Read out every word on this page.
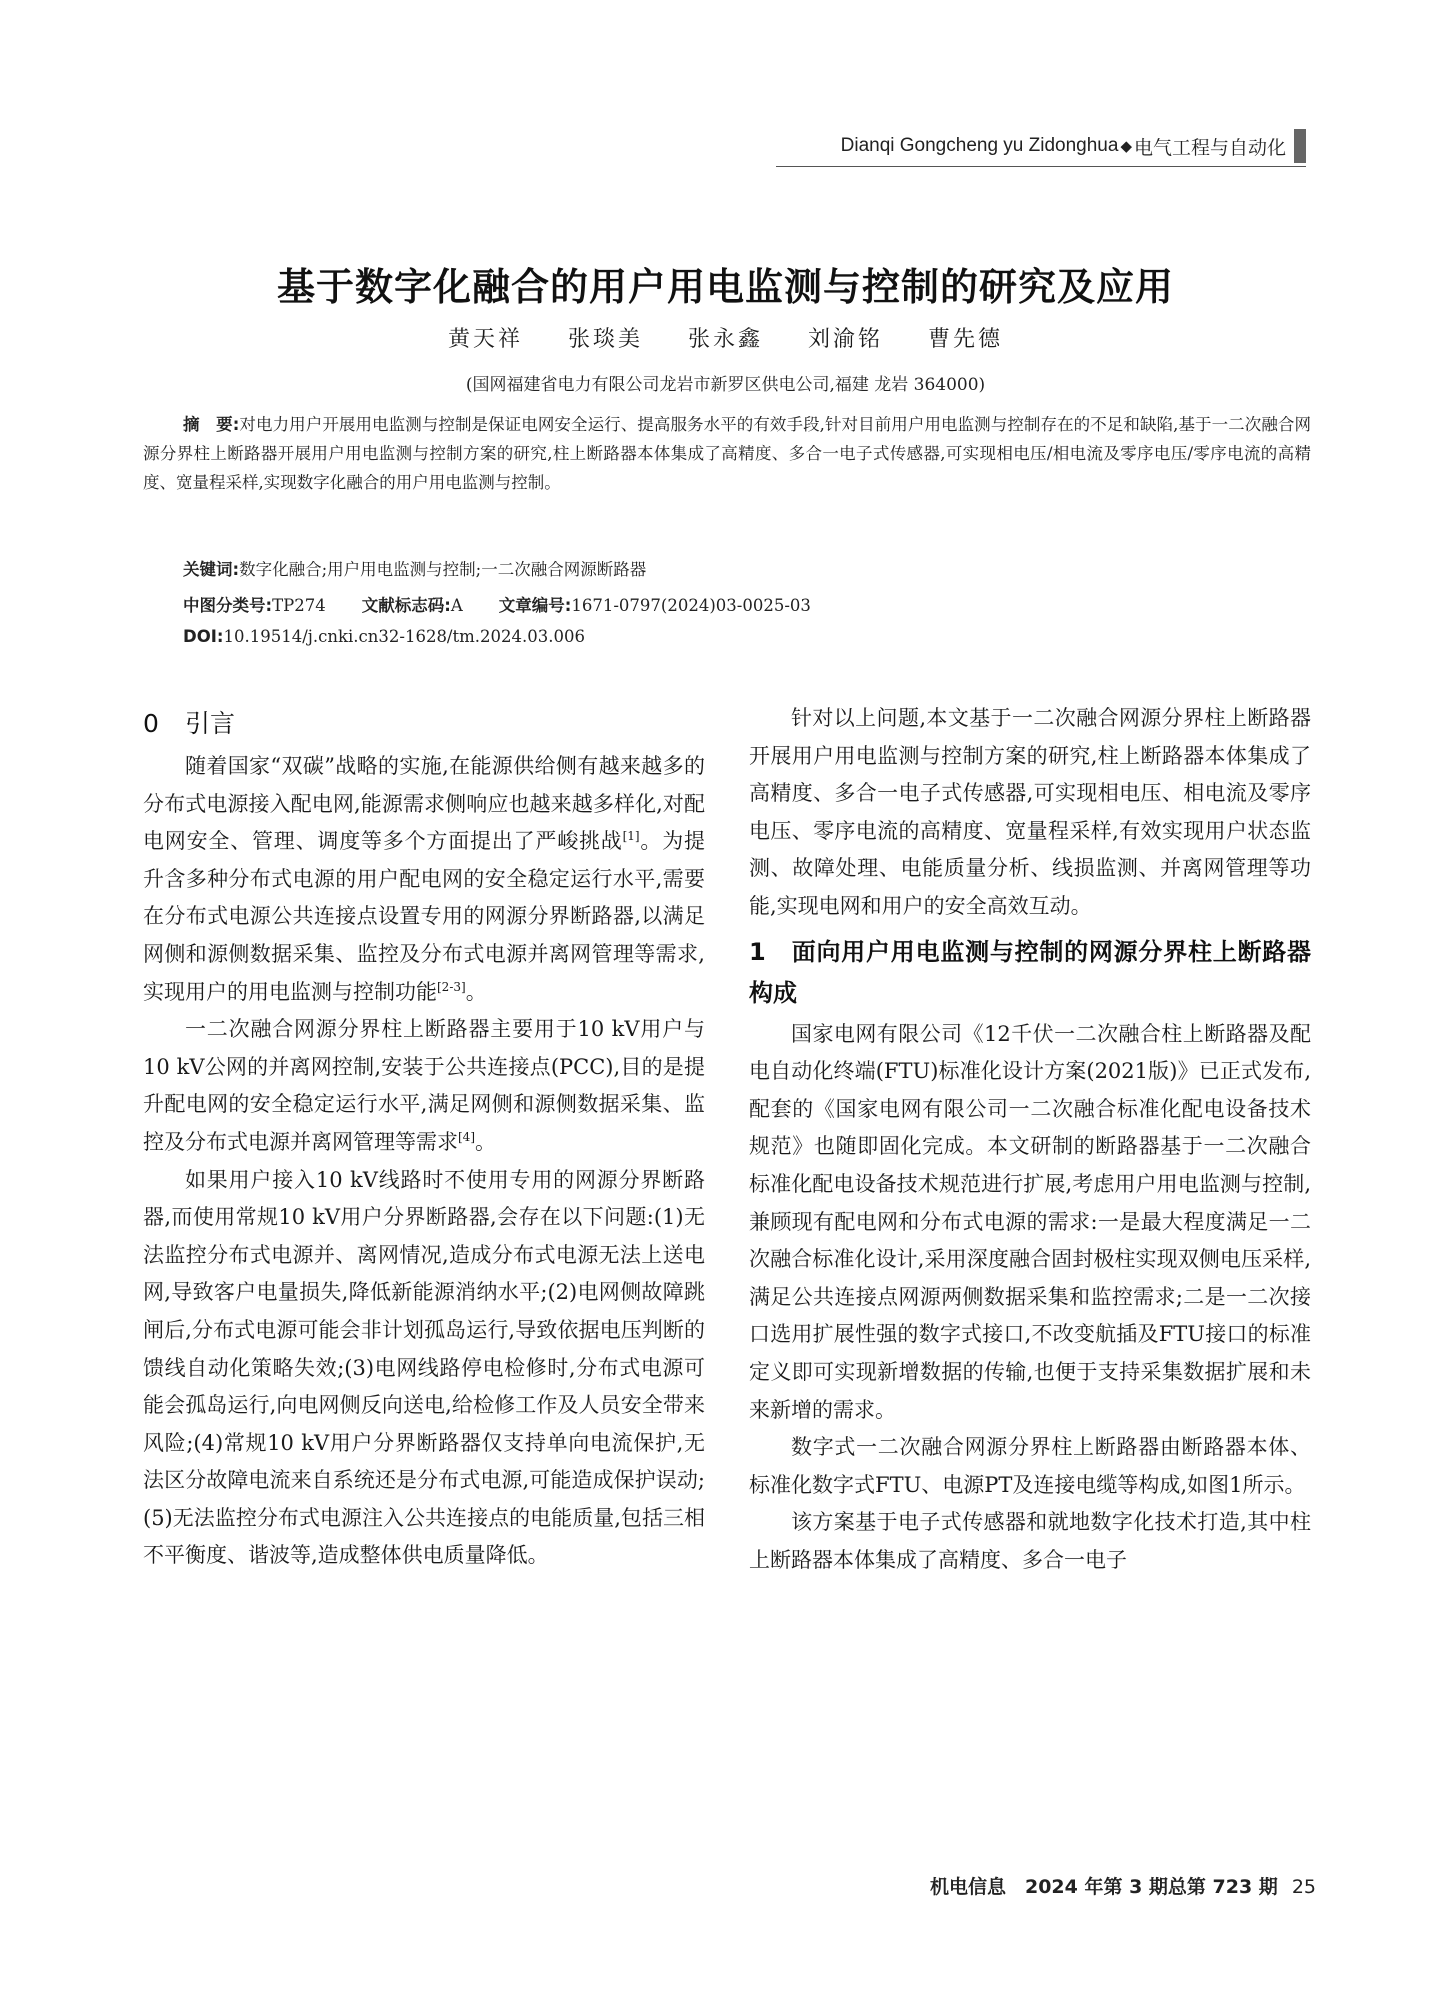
Dianqi Gongcheng yu Zidonghua ◆ 电气工程与自动化
基于数字化融合的用户用电监测与控制的研究及应用
黄天祥 张琰美 张永鑫 刘渝铭 曹先德
(国网福建省电力有限公司龙岩市新罗区供电公司,福建 龙岩 364000)
摘　要:对电力用户开展用电监测与控制是保证电网安全运行、提高服务水平的有效手段,针对目前用户用电监测与控制存在的不足和缺陷,基于一二次融合网源分界柱上断路器开展用户用电监测与控制方案的研究,柱上断路器本体集成了高精度、多合一电子式传感器,可实现相电压/相电流及零序电压/零序电流的高精度、宽量程采样,实现数字化融合的用户用电监测与控制。
关键词:数字化融合;用户用电监测与控制;一二次融合网源断路器
中图分类号:TP274 文献标志码:A 文章编号:1671-0797(2024)03-0025-03
DOI:10.19514/j.cnki.cn32-1628/tm.2024.03.006
0 引言

随着国家“双碳”战略的实施,在能源供给侧有越来越多的分布式电源接入配电网,能源需求侧响应也越来越多样化,对配电网安全、管理、调度等多个方面提出了严峻挑战[1]。为提升含多种分布式电源的用户配电网的安全稳定运行水平,需要在分布式电源公共连接点设置专用的网源分界断路器,以满足网侧和源侧数据采集、监控及分布式电源并离网管理等需求,实现用户的用电监测与控制功能[2-3]。

一二次融合网源分界柱上断路器主要用于10 kV用户与10 kV公网的并离网控制,安装于公共连接点(PCC),目的是提升配电网的安全稳定运行水平,满足网侧和源侧数据采集、监控及分布式电源并离网管理等需求[4]。

如果用户接入10 kV线路时不使用专用的网源分界断路器,而使用常规10 kV用户分界断路器,会存在以下问题:(1)无法监控分布式电源并、离网情况,造成分布式电源无法上送电网,导致客户电量损失,降低新能源消纳水平;(2)电网侧故障跳闸后,分布式电源可能会非计划孤岛运行,导致依据电压判断的馈线自动化策略失效;(3)电网线路停电检修时,分布式电源可能会孤岛运行,向电网侧反向送电,给检修工作及人员安全带来风险;(4)常规10 kV用户分界断路器仅支持单向电流保护,无法区分故障电流来自系统还是分布式电源,可能造成保护误动;(5)无法监控分布式电源注入公共连接点的电能质量,包括三相不平衡度、谐波等,造成整体供电质量降低。

针对以上问题,本文基于一二次融合网源分界柱上断路器开展用户用电监测与控制方案的研究,柱上断路器本体集成了高精度、多合一电子式传感器,可实现相电压、相电流及零序电压、零序电流的高精度、宽量程采样,有效实现用户状态监测、故障处理、电能质量分析、线损监测、并离网管理等功能,实现电网和用户的安全高效互动。

1 面向用户用电监测与控制的网源分界柱上断路器构成

国家电网有限公司《12千伏一二次融合柱上断路器及配电自动化终端(FTU)标准化设计方案(2021版)》已正式发布,配套的《国家电网有限公司一二次融合标准化配电设备技术规范》也随即固化完成。本文研制的断路器基于一二次融合标准化配电设备技术规范进行扩展,考虑用户用电监测与控制,兼顾现有配电网和分布式电源的需求:一是最大程度满足一二次融合标准化设计,采用深度融合固封极柱实现双侧电压采样,满足公共连接点网源两侧数据采集和监控需求;二是一二次接口选用扩展性强的数字式接口,不改变航插及FTU接口的标准定义即可实现新增数据的传输,也便于支持采集数据扩展和未来新增的需求。

数字式一二次融合网源分界柱上断路器由断路器本体、标准化数字式FTU、电源PT及连接电缆等构成,如图1所示。

该方案基于电子式传感器和就地数字化技术打造,其中柱上断路器本体集成了高精度、多合一电子

机电信息　2024 年第 3 期总第 723 期 25
